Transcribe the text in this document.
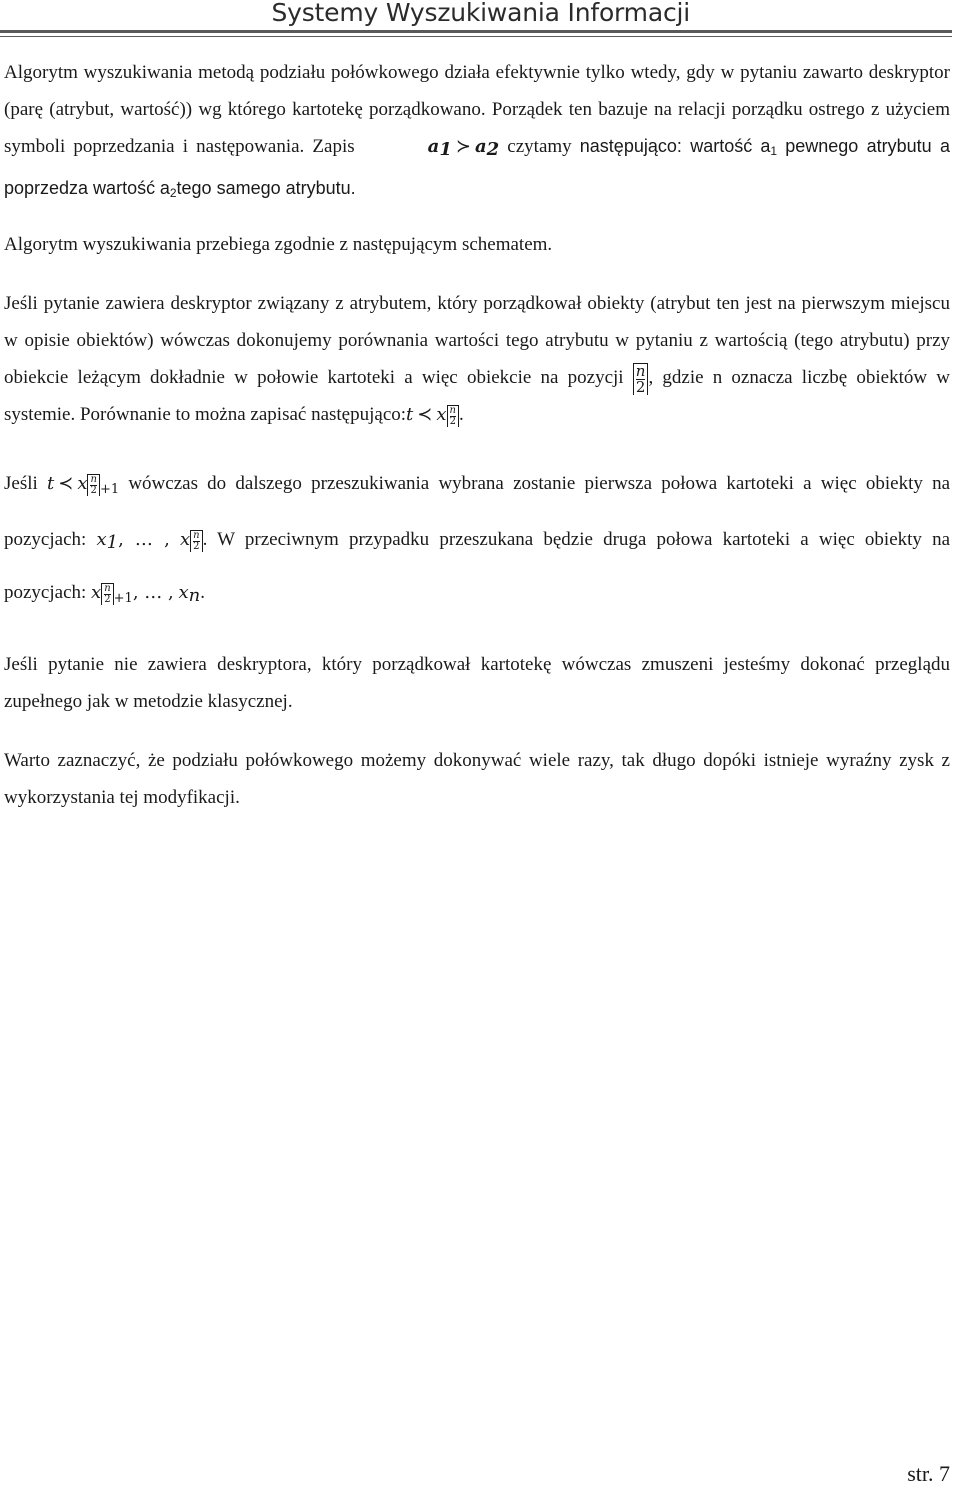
Systemy Wyszukiwania Informacji

Algorytm wyszukiwania metodą podziału połówkowego działa efektywnie tylko wtedy, gdy w pytaniu zawarto deskryptor (parę (atrybut, wartość)) wg którego kartotekę porządkowano. Porządek ten bazuje na relacji porządku ostrego z użyciem symboli poprzedzania i następowania. Zapis	$a_1$ ≻ $a_2$ czytamy następująco: wartość $a_1$ pewnego atrybutu a poprzedza wartość $a_2tego$ samego atrybutu.

Algorytm wyszukiwania przebiega zgodnie z następującym schematem.

Jeśli pytanie zawiera deskryptor związany z atrybutem, który porządkował obiekty (atrybut ten jest na pierwszym miejscu w opisie obiektów) wówczas dokonujemy porównania wartości tego atrybutu w pytaniu z wartością (tego atrybutu) przy obiekcie leżącym dokładnie w połowie kartoteki a więc obiekcie na pozycji $\frac{n}{2}$ , gdzie n oznacza liczbę obiektów w systemie. Porównanie to można zapisać następująco:t ≺ x $\frac{n}{2}$ .

Jeśli t ≺ x $\frac{n}{2} _{+1}$ wówczas do dalszego przeszukiwania wybrana zostanie pierwsza połowa kartoteki a więc obiekty na pozycjach: $x_1$, … , x $\frac{n}{2}$ . W przeciwnym przypadku przeszukana będzie druga połowa kartoteki a więc obiekty na pozycjach: x $\frac{n}{2} _{+1}$, … , $x_n$.

Jeśli pytanie nie zawiera deskryptora, który porządkował kartotekę wówczas zmuszeni jesteśmy dokonać przeglądu zupełnego jak w metodzie klasycznej.

Warto zaznaczyć, że podziału połówkowego możemy dokonywać wiele razy, tak długo dopóki istnieje wyraźny zysk z wykorzystania tej modyfikacji.

str. 7
